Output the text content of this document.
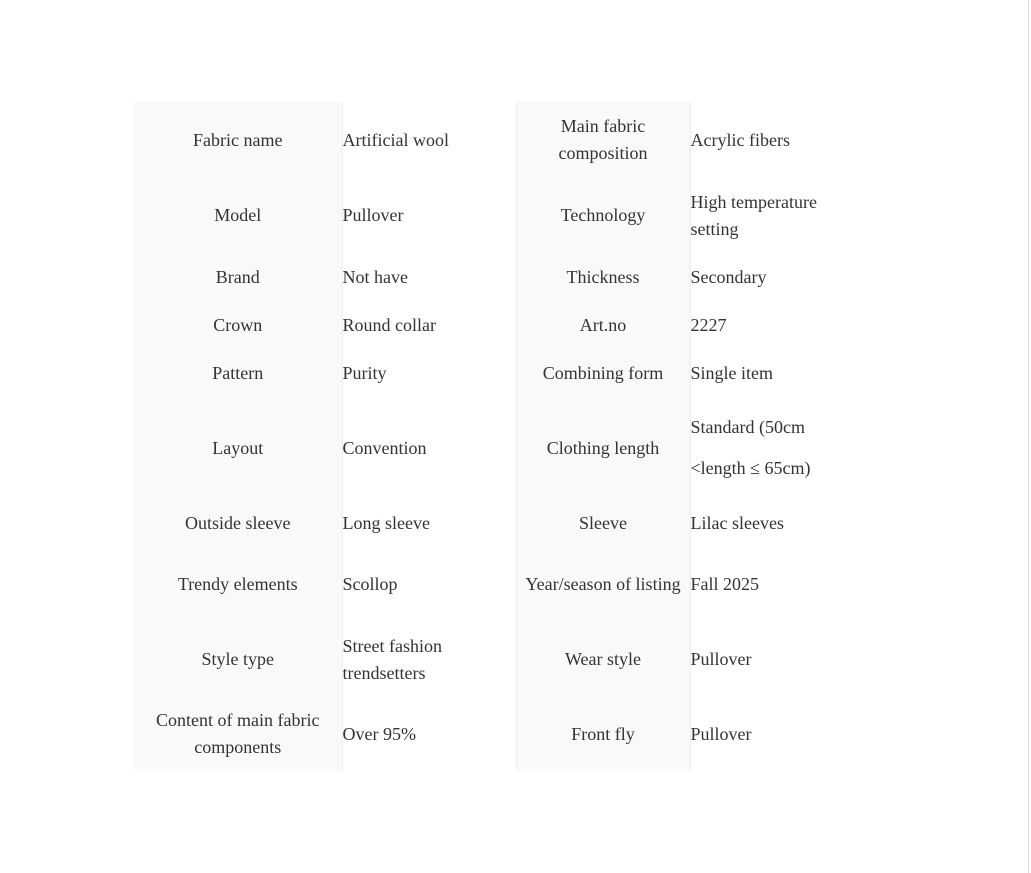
Fabric name	Artificial wool	Main fabric composition	Acrylic fibers
Model	Pullover	Technology	High temperature setting
Brand	Not have	Thickness	Secondary
Crown	Round collar	Art.no	2227
Pattern	Purity	Combining form	Single item
Layout	Convention	Clothing length	Standard (50cm <length ≤ 65cm)
Outside sleeve	Long sleeve	Sleeve	Lilac sleeves
Trendy elements	Scollop	Year/season of listing	Fall 2025
Style type	Street fashion trendsetters	Wear style	Pullover
Content of main fabric components	Over 95%	Front fly	Pullover
